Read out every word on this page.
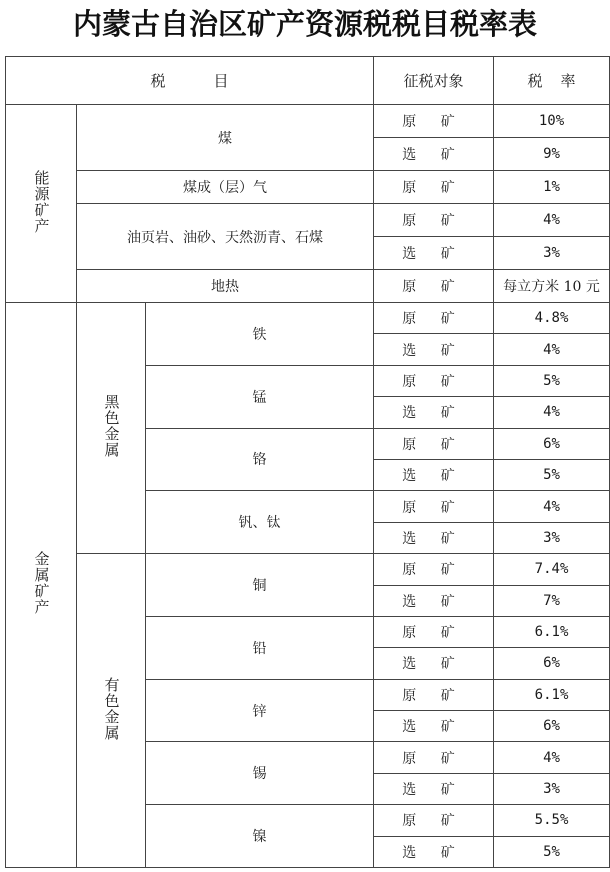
内蒙古自治区矿产资源税税目税率表
税目			征税对象	税率
能源矿产	煤		原 矿	10%
			选 矿	9%
	煤成（层）气		原 矿	1%
	油页岩、油砂、天然沥青、石煤		原 矿	4%
			选 矿	3%
	地热		原 矿	每立方米 10 元
金属矿产	黑色金属	铁	原 矿	4.8%
			选 矿	4%
		锰	原 矿	5%
			选 矿	4%
		铬	原 矿	6%
			选 矿	5%
		钒、钛	原 矿	4%
			选 矿	3%
	有色金属	铜	原 矿	7.4%
			选 矿	7%
		铅	原 矿	6.1%
			选 矿	6%
		锌	原 矿	6.1%
			选 矿	6%
		锡	原 矿	4%
			选 矿	3%
		镍	原 矿	5.5%
			选 矿	5%
